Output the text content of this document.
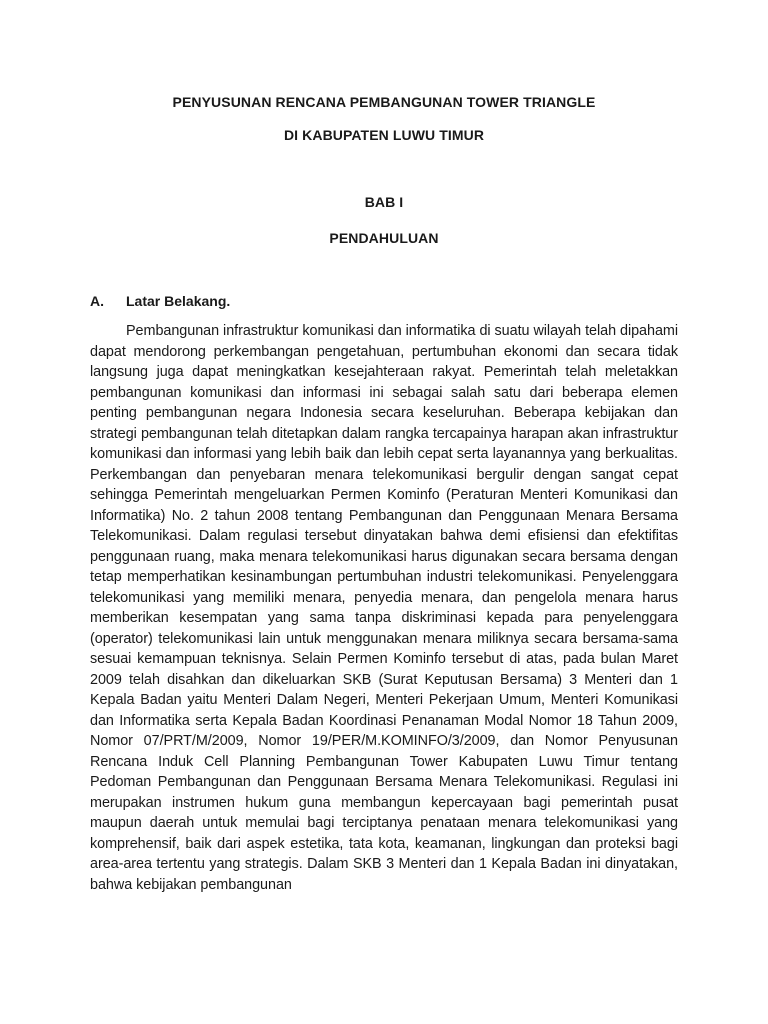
PENYUSUNAN RENCANA PEMBANGUNAN TOWER TRIANGLE
DI KABUPATEN LUWU TIMUR
BAB I
PENDAHULUAN
A. Latar Belakang.

Pembangunan infrastruktur komunikasi dan informatika di suatu wilayah telah dipahami dapat mendorong perkembangan pengetahuan, pertumbuhan ekonomi dan secara tidak langsung juga dapat meningkatkan kesejahteraan rakyat. Pemerintah telah meletakkan pembangunan komunikasi dan informasi ini sebagai salah satu dari beberapa elemen penting pembangunan negara Indonesia secara keseluruhan. Beberapa kebijakan dan strategi pembangunan telah ditetapkan dalam rangka tercapainya harapan akan infrastruktur komunikasi dan informasi yang lebih baik dan lebih cepat serta layanannya yang berkualitas. Perkembangan dan penyebaran menara telekomunikasi bergulir dengan sangat cepat sehingga Pemerintah mengeluarkan Permen Kominfo (Peraturan Menteri Komunikasi dan Informatika) No. 2 tahun 2008 tentang Pembangunan dan Penggunaan Menara Bersama Telekomunikasi. Dalam regulasi tersebut dinyatakan bahwa demi efisiensi dan efektifitas penggunaan ruang, maka menara telekomunikasi harus digunakan secara bersama dengan tetap memperhatikan kesinambungan pertumbuhan industri telekomunikasi. Penyelenggara telekomunikasi yang memiliki menara, penyedia menara, dan pengelola menara harus memberikan kesempatan yang sama tanpa diskriminasi kepada para penyelenggara (operator) telekomunikasi lain untuk menggunakan menara miliknya secara bersama-sama sesuai kemampuan teknisnya. Selain Permen Kominfo tersebut di atas, pada bulan Maret 2009 telah disahkan dan dikeluarkan SKB (Surat Keputusan Bersama) 3 Menteri dan 1 Kepala Badan yaitu Menteri Dalam Negeri, Menteri Pekerjaan Umum, Menteri Komunikasi dan Informatika serta Kepala Badan Koordinasi Penanaman Modal Nomor 18 Tahun 2009, Nomor 07/PRT/M/2009, Nomor 19/PER/M.KOMINFO/3/2009, dan Nomor Penyusunan Rencana Induk Cell Planning Pembangunan Tower Kabupaten Luwu Timur tentang Pedoman Pembangunan dan Penggunaan Bersama Menara Telekomunikasi. Regulasi ini merupakan instrumen hukum guna membangun kepercayaan bagi pemerintah pusat maupun daerah untuk memulai bagi terciptanya penataan menara telekomunikasi yang komprehensif, baik dari aspek estetika, tata kota, keamanan, lingkungan dan proteksi bagi area-area tertentu yang strategis. Dalam SKB 3 Menteri dan 1 Kepala Badan ini dinyatakan, bahwa kebijakan pembangunan
